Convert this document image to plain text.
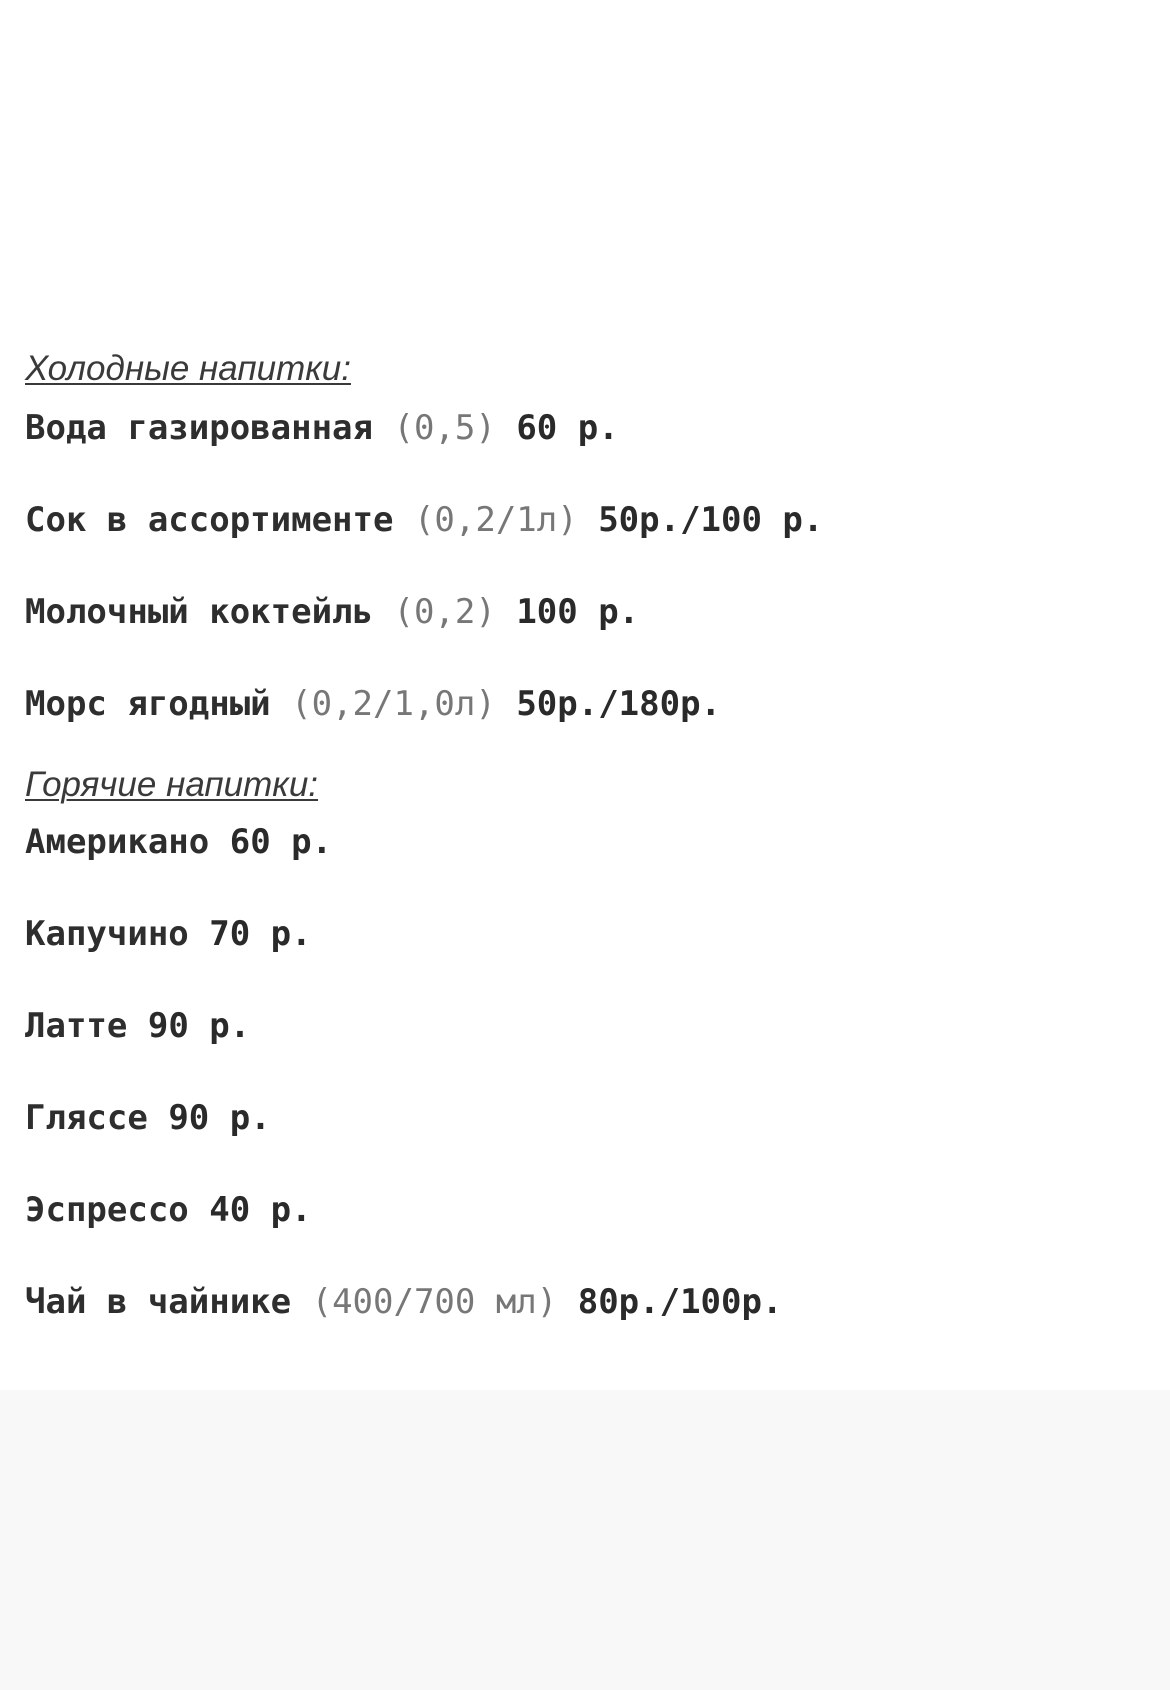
Холодные напитки:
Вода газированная (0,5) 60 р.
Сок в ассортименте (0,2/1л) 50р./100 р.
Молочный коктейль (0,2) 100 р.
Морс ягодный (0,2/1,0л) 50р./180р.
Горячие напитки:
Американо 60 р.
Капучино 70 р.
Латте 90 р.
Гляссе 90 р.
Эспрессо 40 р.
Чай в чайнике (400/700 мл) 80р./100р.
